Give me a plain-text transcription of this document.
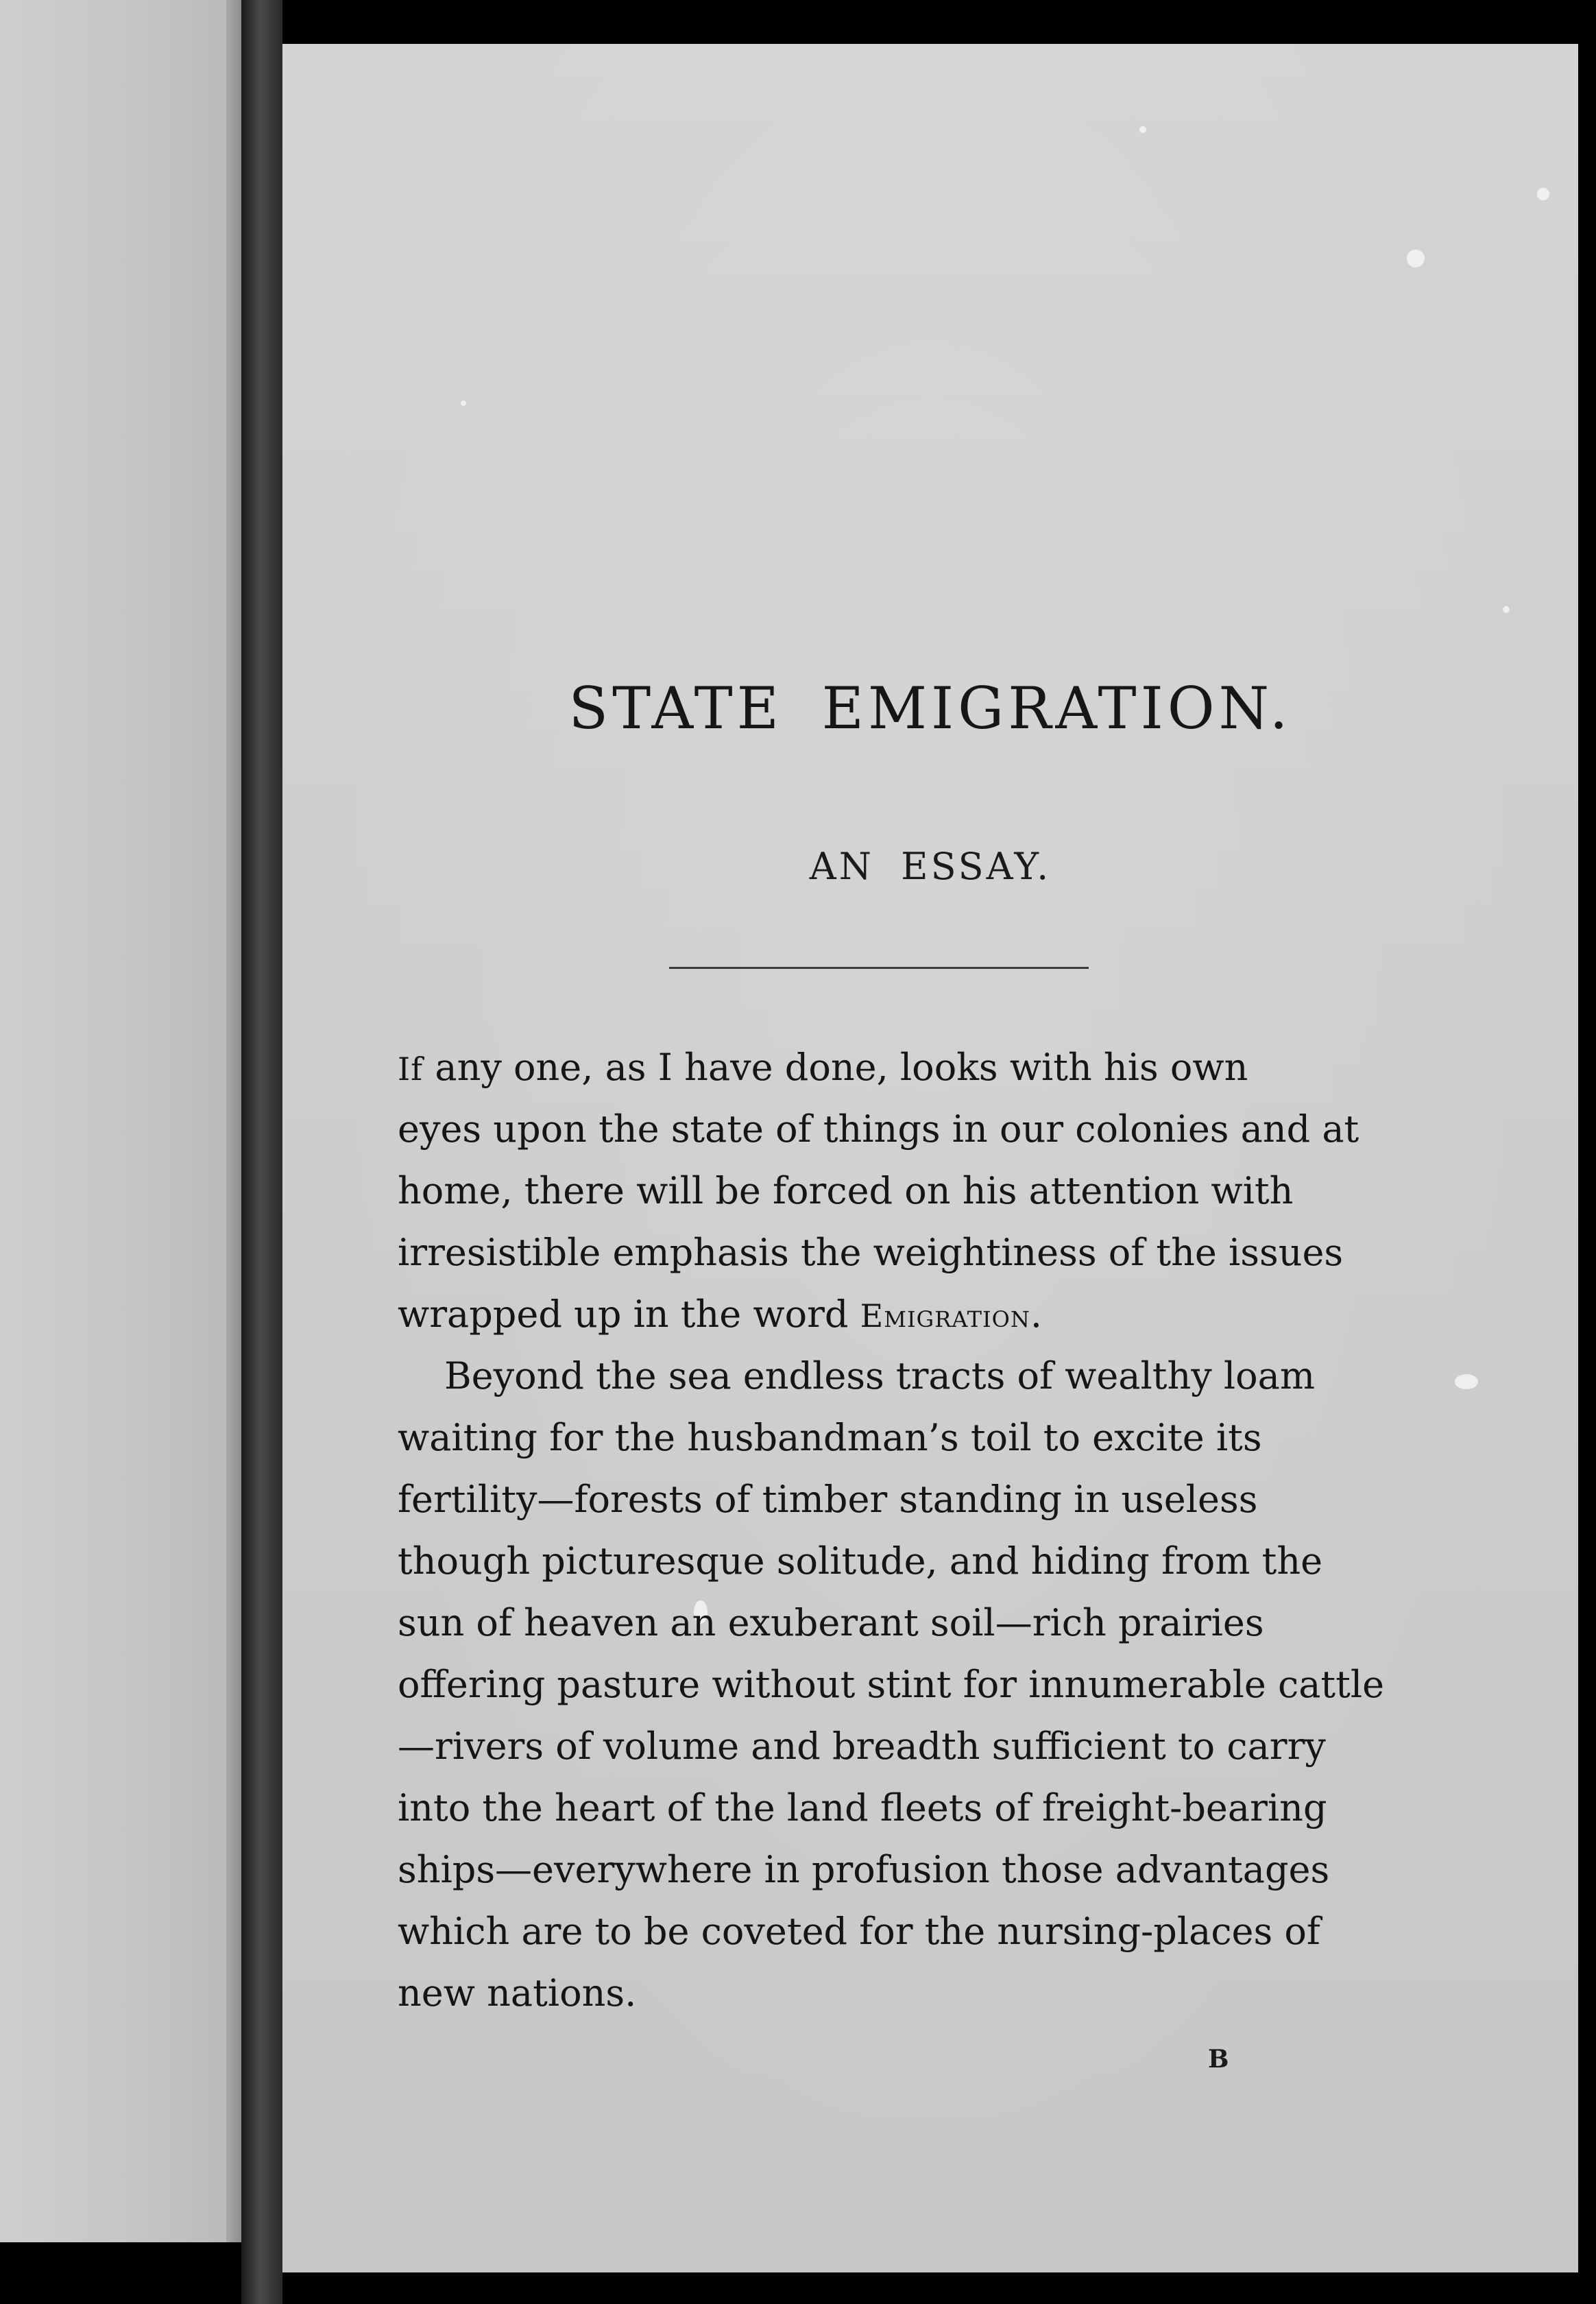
STATE EMIGRATION.
AN ESSAY.
If any one, as I have done, looks with his own
eyes upon the state of things in our colonies and at
home, there will be forced on his attention with
irresistible emphasis the weightiness of the issues
wrapped up in the word Emigration.
Beyond the sea endless tracts of wealthy loam
waiting for the husbandman’s toil to excite its
fertility—forests of timber standing in useless
though picturesque solitude, and hiding from the
sun of heaven an exuberant soil—rich prairies
offering pasture without stint for innumerable cattle
—rivers of volume and breadth sufficient to carry
into the heart of the land fleets of freight-bearing
ships—everywhere in profusion those advantages
which are to be coveted for the nursing-places of
new nations.
B
